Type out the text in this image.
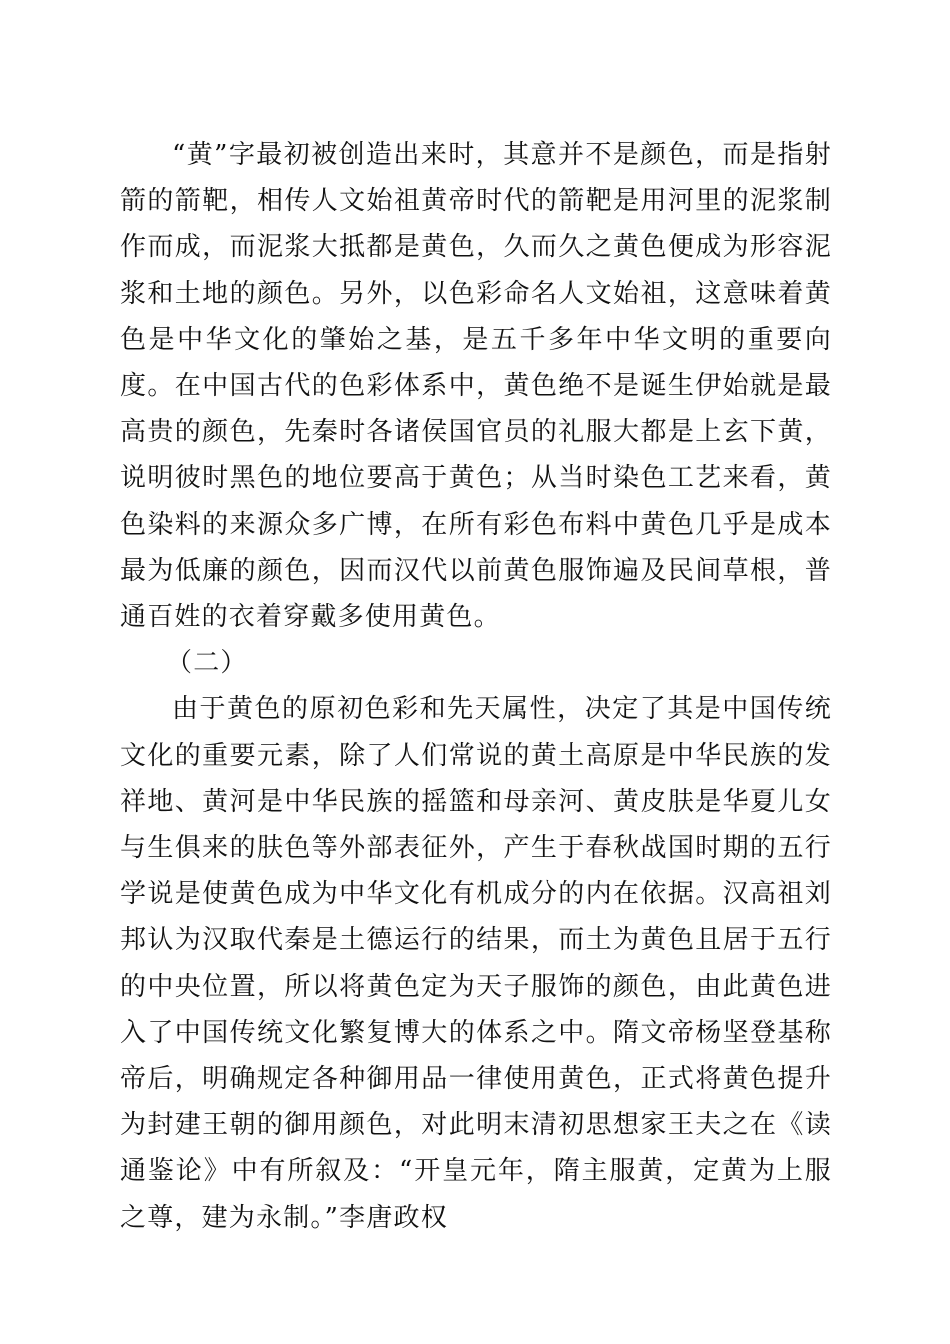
“黄”字最初被创造出来时，其意并不是颜色，而是指射箭的箭靶，相传人文始祖黄帝时代的箭靶是用河里的泥浆制作而成，而泥浆大抵都是黄色，久而久之黄色便成为形容泥浆和土地的颜色。另外，以色彩命名人文始祖，这意味着黄色是中华文化的肇始之基，是五千多年中华文明的重要向度。在中国古代的色彩体系中，黄色绝不是诞生伊始就是最高贵的颜色，先秦时各诸侯国官员的礼服大都是上玄下黄，说明彼时黑色的地位要高于黄色；从当时染色工艺来看，黄色染料的来源众多广博，在所有彩色布料中黄色几乎是成本最为低廉的颜色，因而汉代以前黄色服饰遍及民间草根，普通百姓的衣着穿戴多使用黄色。

（二）

由于黄色的原初色彩和先天属性，决定了其是中国传统文化的重要元素，除了人们常说的黄土高原是中华民族的发祥地、黄河是中华民族的摇篮和母亲河、黄皮肤是华夏儿女与生俱来的肤色等外部表征外，产生于春秋战国时期的五行学说是使黄色成为中华文化有机成分的内在依据。汉高祖刘邦认为汉取代秦是土德运行的结果，而土为黄色且居于五行的中央位置，所以将黄色定为天子服饰的颜色，由此黄色进入了中国传统文化繁复博大的体系之中。隋文帝杨坚登基称帝后，明确规定各种御用品一律使用黄色，正式将黄色提升为封建王朝的御用颜色，对此明末清初思想家王夫之在《读通鉴论》中有所叙及：“开皇元年，隋主服黄，定黄为上服之尊，建为永制。”李唐政权
